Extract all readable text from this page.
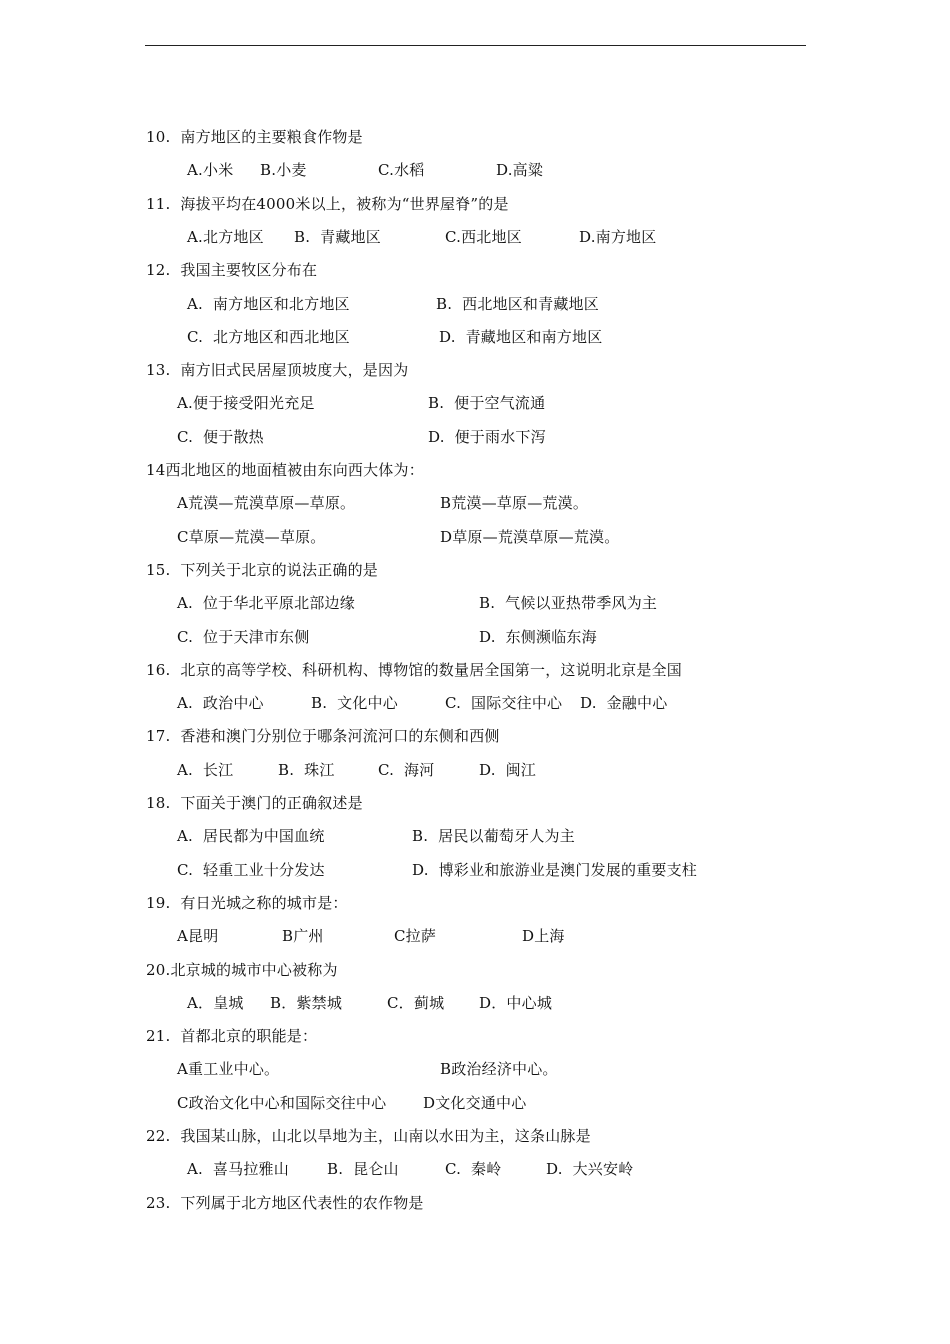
10.  南方地区的主要粮食作物是
A.小米 B.小麦	C.水稻	D.高粱
11.  海拔平均在4000米以上，被称为“世界屋脊”的是
A.北方地区 B.  青藏地区	C.西北地区	D.南方地区
12.  我国主要牧区分布在
A.  南方地区和北方地区	B.  西北地区和青藏地区
C.  北方地区和西北地区	D.  青藏地区和南方地区
13.  南方旧式民居屋顶坡度大，是因为
A.便于接受阳光充足	B.  便于空气流通
C.  便于散热	D.  便于雨水下泻
14西北地区的地面植被由东向西大体为：
A荒漠—荒漠草原—草原。	B荒漠—草原—荒漠。
C草原—荒漠—草原。	D草原—荒漠草原—荒漠。
15.  下列关于北京的说法正确的是
A.  位于华北平原北部边缘	B.  气候以亚热带季风为主
C.  位于天津市东侧	D.  东侧濒临东海
16.  北京的高等学校、科研机构、博物馆的数量居全国第一，这说明北京是全国
A.  政治中心	B.  文化中心	C.  国际交往中心 D.  金融中心
17.  香港和澳门分别位于哪条河流河口的东侧和西侧
A.  长江	B.  珠江	C.  海河	D.  闽江
18.  下面关于澳门的正确叙述是
A.  居民都为中国血统	B.  居民以葡萄牙人为主
C.  轻重工业十分发达	D.  博彩业和旅游业是澳门发展的重要支柱
19.  有日光城之称的城市是：
A昆明	B广州	C拉萨	D上海
20.北京城的城市中心被称为
A．皇城 B．紫禁城	C．蓟城 D．中心城
21.  首都北京的职能是：
A重工业中心。	B政治经济中心。
C政治文化中心和国际交往中心 D文化交通中心
22.  我国某山脉，山北以旱地为主，山南以水田为主，这条山脉是
A.  喜马拉雅山	B.  昆仑山	C.  秦岭	D.  大兴安岭
23.  下列属于北方地区代表性的农作物是
